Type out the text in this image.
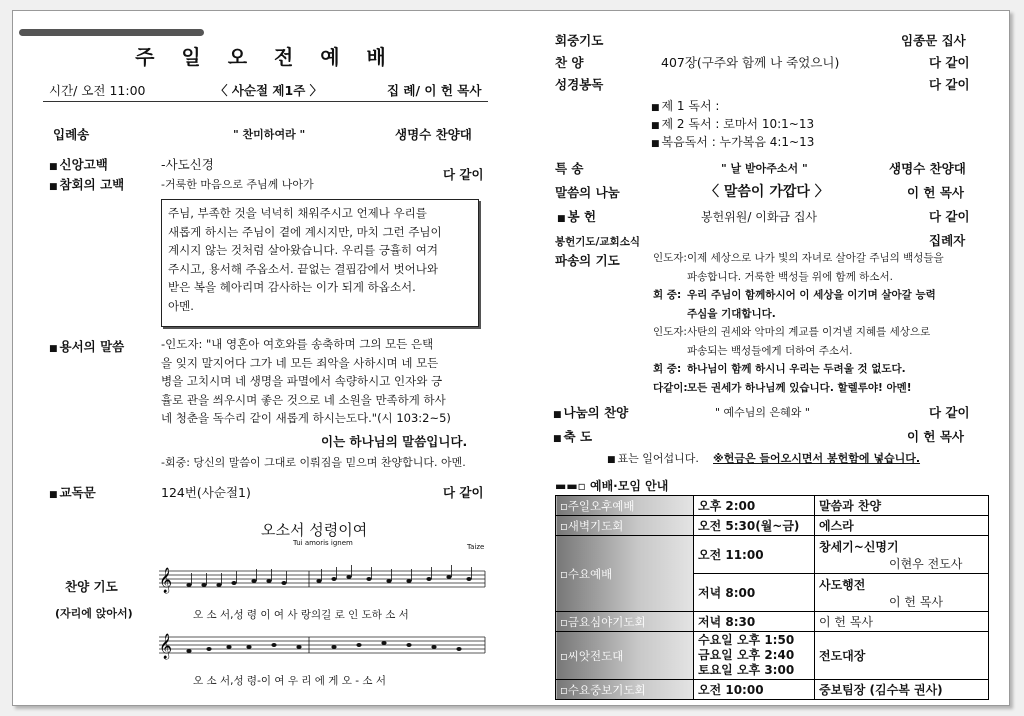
주 일 오 전 예 배
시간/ 오전 11:00	〈 사순절 제1주 〉	집 례/ 이 헌 목사
입례송	" 찬미하여라 "	생명수 찬양대
■ 신앙고백	-사도신경
■ 참회의 고백	-거룩한 마음으로 주님께 나아가
다 같이
주님, 부족한 것을 넉넉히 채워주시고 언제나 우리를
새롭게 하시는 주님이 곁에 계시지만, 마치 그런 주님이
계시지 않는 것처럼 살아왔습니다. 우리를 긍휼히 여겨
주시고, 용서해 주옵소서. 끝없는 결핍감에서 벗어나와
받은 복을 헤아리며 감사하는 이가 되게 하옵소서.
아멘.
■ 용서의 말씀	-인도자: "내 영혼아 여호와를 송축하며 그의 모든 은택
을 잊지 말지어다 그가 네 모든 죄악을 사하시며 네 모든
병을 고치시며 네 생명을 파멸에서 속량하시고 인자와 긍
휼로 관을 씌우시며 좋은 것으로 네 소원을 만족하게 하사
네 청춘을 독수리 같이 새롭게 하시는도다."(시 103:2~5)
이는 하나님의 말씀입니다.
-회중: 당신의 말씀이 그대로 이뤄짐을 믿으며 찬양합니다. 아멘.
■ 교독문	124번(사순절1)	다 같이
찬양 기도
(자리에 앉아서)
오소서 성령이여
Tui amoris ignem	Taize
𝄞
𝄞
오 소 서,성 령 이 여 사 랑의길 로 인 도하 소 서
오 소 서,성 령-이 여 우 리 에 게 오 - 소 서
회중기도	임종문 집사
찬 양	407장(구주와 함께 나 죽었으니)	다 같이
성경봉독	다 같이
■ 제 1 독서 :
■ 제 2 독서 : 로마서 10:1~13
■ 복음독서 : 누가복음 4:1~13
특 송	" 날 받아주소서 "	생명수 찬양대
말씀의 나눔	〈 말씀이 가깝다 〉	이 헌 목사
■ 봉 헌	봉헌위원/ 이화금 집사	다 같이
봉헌기도/교회소식	집례자
파송의 기도	인도자:이제 세상으로 나가 빛의 자녀로 살아갈 주님의 백성들을
파송합니다. 거룩한 백성들 위에 함께 하소서.
회 중: 우리 주님이 함께하시어 이 세상을 이기며 살아갈 능력
주심을 기대합니다.
인도자:사탄의 권세와 악마의 계교를 이겨낼 지혜를 세상으로
파송되는 백성들에게 더하여 주소서.
회 중: 하나님이 함께 하시니 우리는 두려울 것 없도다.
다같이:모든 권세가 하나님께 있습니다. 할렐루야! 아멘!
■ 나눔의 찬양	" 예수님의 은혜와 "	다 같이
■ 축 도	이 헌 목사
■ 표는 일어섭니다. ※헌금은 들어오시면서 봉헌함에 넣습니다.
▬▬▫ 예배·모임 안내
▫주일오후예배	오후 2:00	말씀과 찬양
▫새벽기도회	오전 5:30(월~금)	에스라
▫수요예배	오전 11:00	창세기~신명기
이현우 전도사

	저녁 8:00	사도행전
이 헌 목사

▫금요심야기도회	저녁 8:30	이 헌 목사
▫씨앗전도대	수요일 오후 1:50
금요일 오후 2:40
토요일 오후 3:00	전도대장
▫수요중보기도회	오전 10:00	중보팀장 (김수복 권사)
